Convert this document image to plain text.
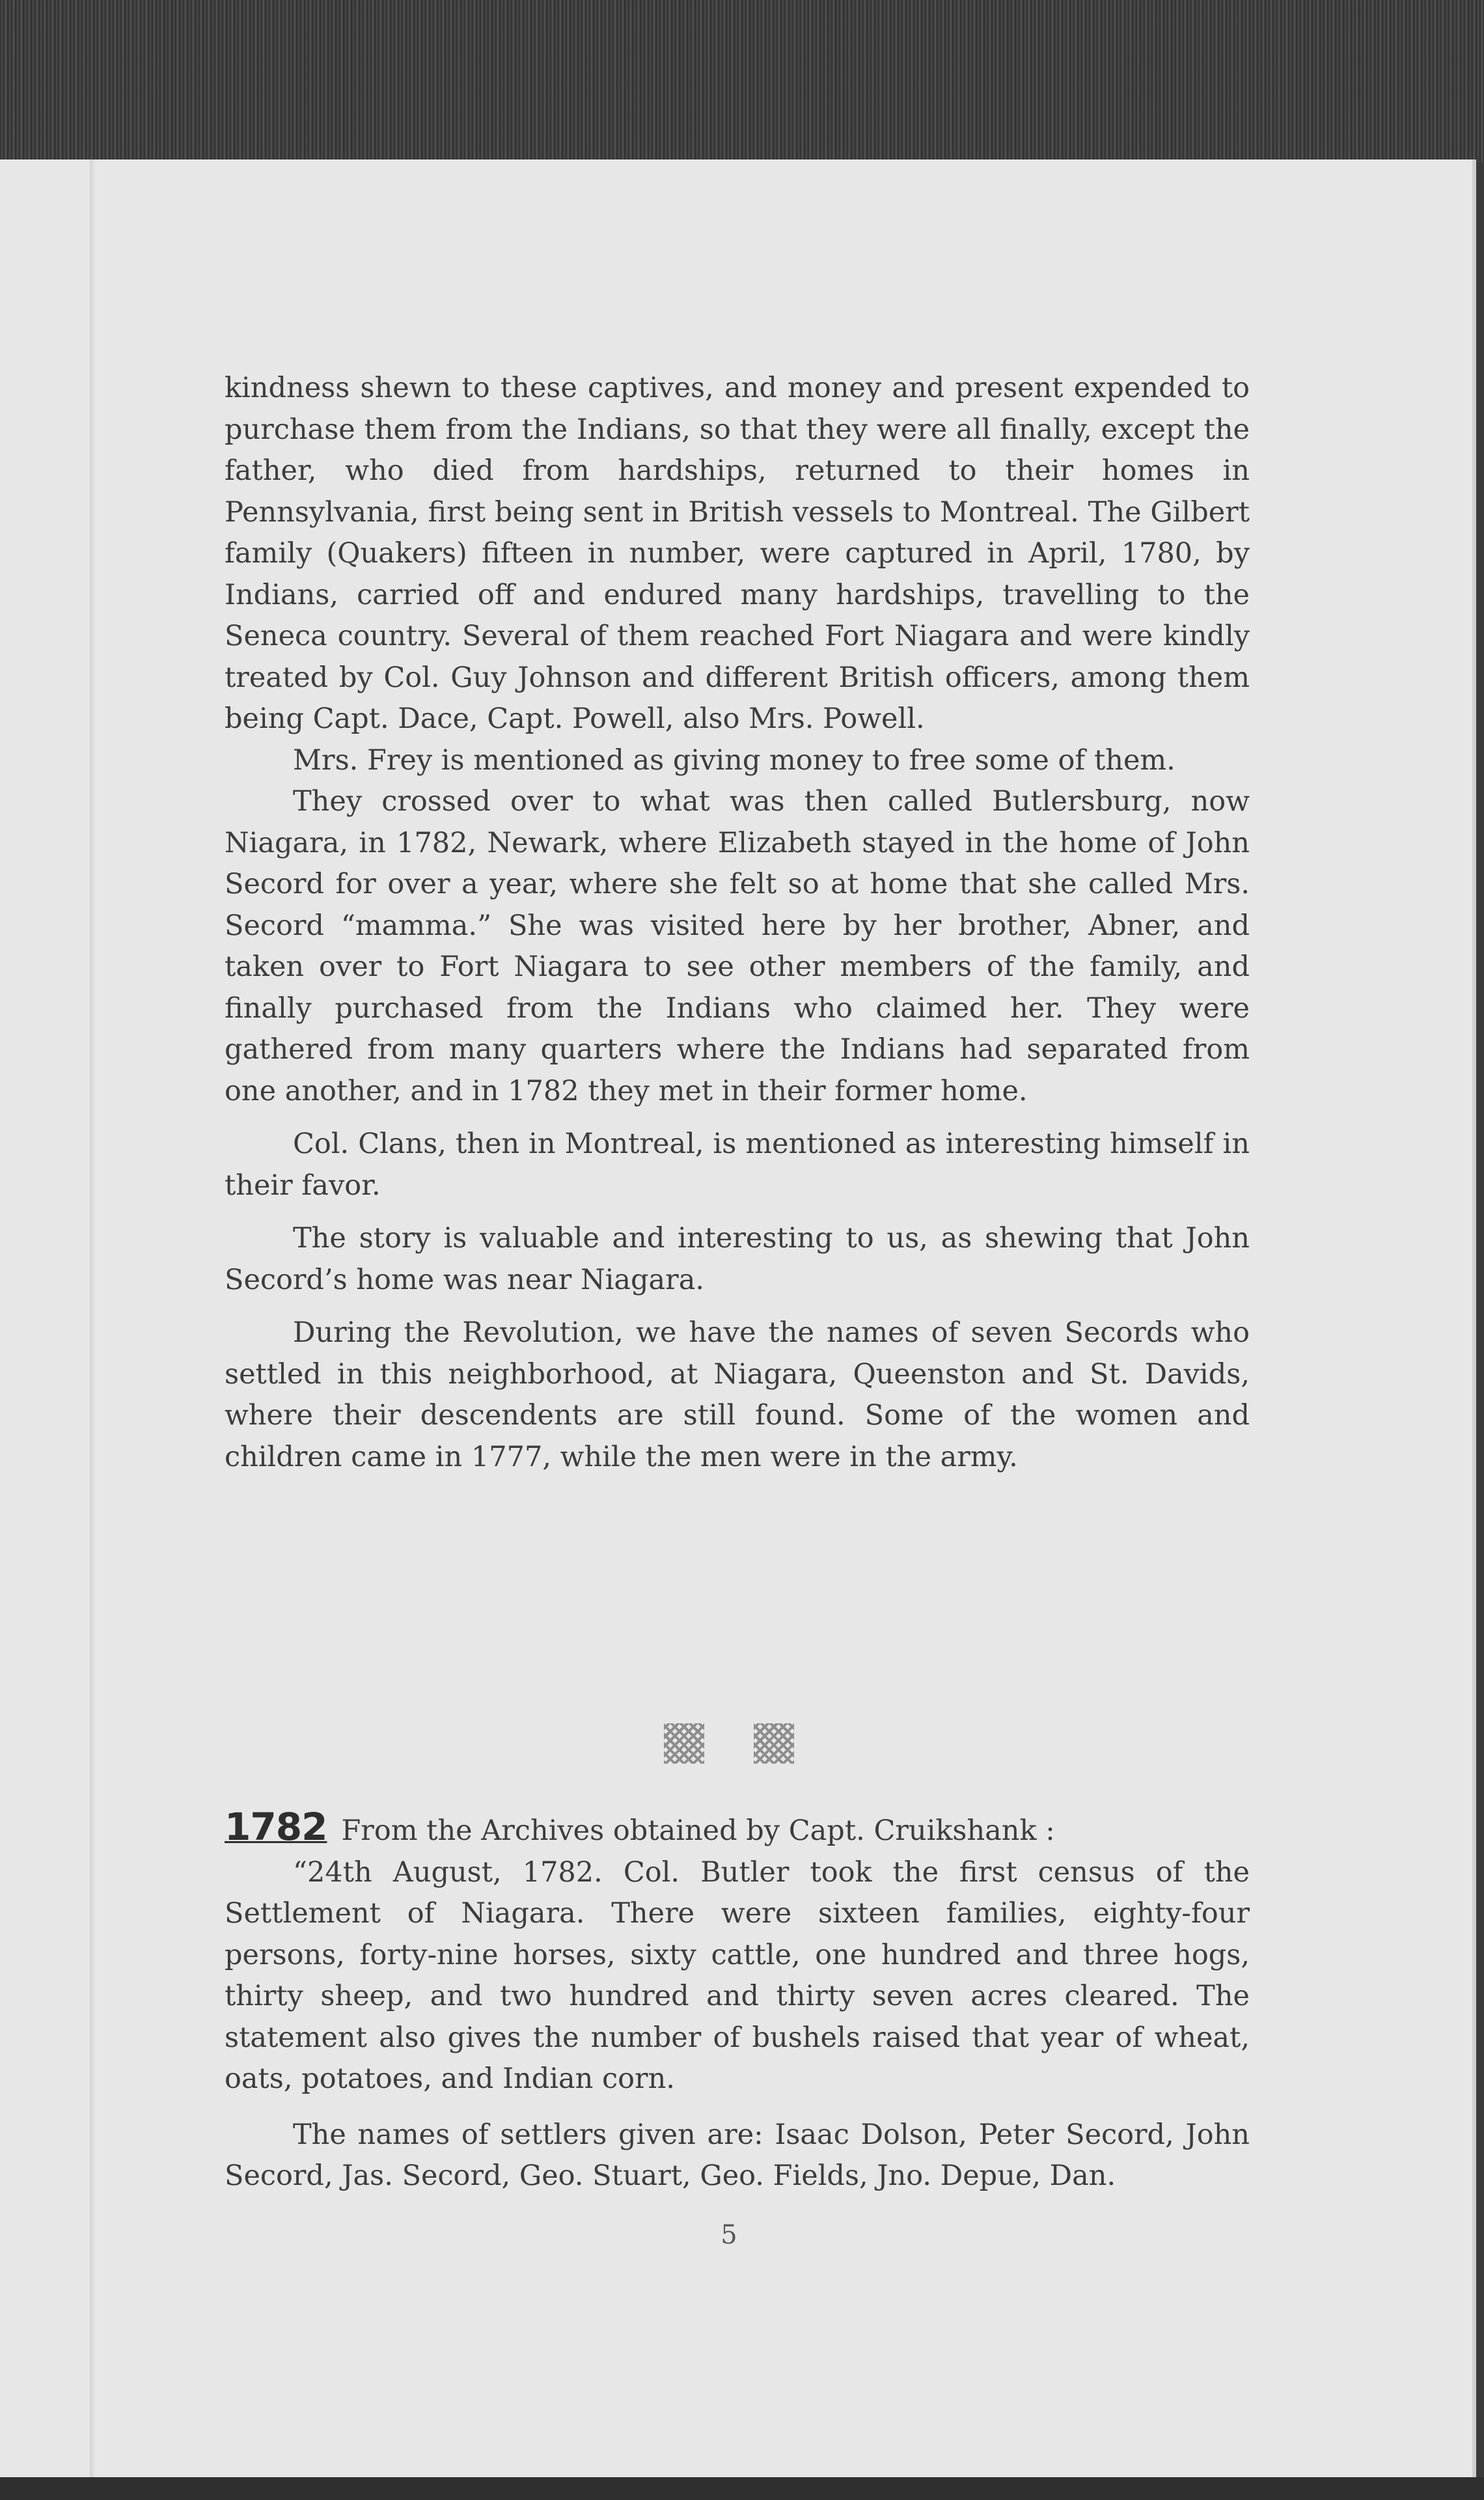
kindness shewn to these captives, and money and present expended to purchase them from the Indians, so that they were all finally, except the father, who died from hardships, returned to their homes in Pennsylvania, first being sent in British vessels to Montreal. The Gilbert family (Quakers) fifteen in number, were captured in April, 1780, by Indians, carried off and endured many hardships, travelling to the Seneca country. Several of them reached Fort Niagara and were kindly treated by Col. Guy Johnson and different British officers, among them being Capt. Dace, Capt. Powell, also Mrs. Powell.

Mrs. Frey is mentioned as giving money to free some of them.

They crossed over to what was then called Butlersburg, now Niagara, in 1782, Newark, where Elizabeth stayed in the home of John Secord for over a year, where she felt so at home that she called Mrs. Secord “mamma.” She was visited here by her brother, Abner, and taken over to Fort Niagara to see other members of the family, and finally purchased from the Indians who claimed her. They were gathered from many quarters where the Indians had separated from one another, and in 1782 they met in their former home.

Col. Clans, then in Montreal, is mentioned as interesting himself in their favor.

The story is valuable and interesting to us, as shewing that John Secord’s home was near Niagara.

During the Revolution, we have the names of seven Secords who settled in this neighborhood, at Niagara, Queenston and St. Davids, where their descendents are still found. Some of the women and children came in 1777, while the men were in the army.

1782 From the Archives obtained by Capt. Cruikshank :

“24th August, 1782. Col. Butler took the first census of the Settlement of Niagara. There were sixteen families, eighty-four persons, forty-nine horses, sixty cattle, one hundred and three hogs, thirty sheep, and two hundred and thirty seven acres cleared. The statement also gives the number of bushels raised that year of wheat, oats, potatoes, and Indian corn.

The names of settlers given are: Isaac Dolson, Peter Secord, John Secord, Jas. Secord, Geo. Stuart, Geo. Fields, Jno. Depue, Dan.

5
